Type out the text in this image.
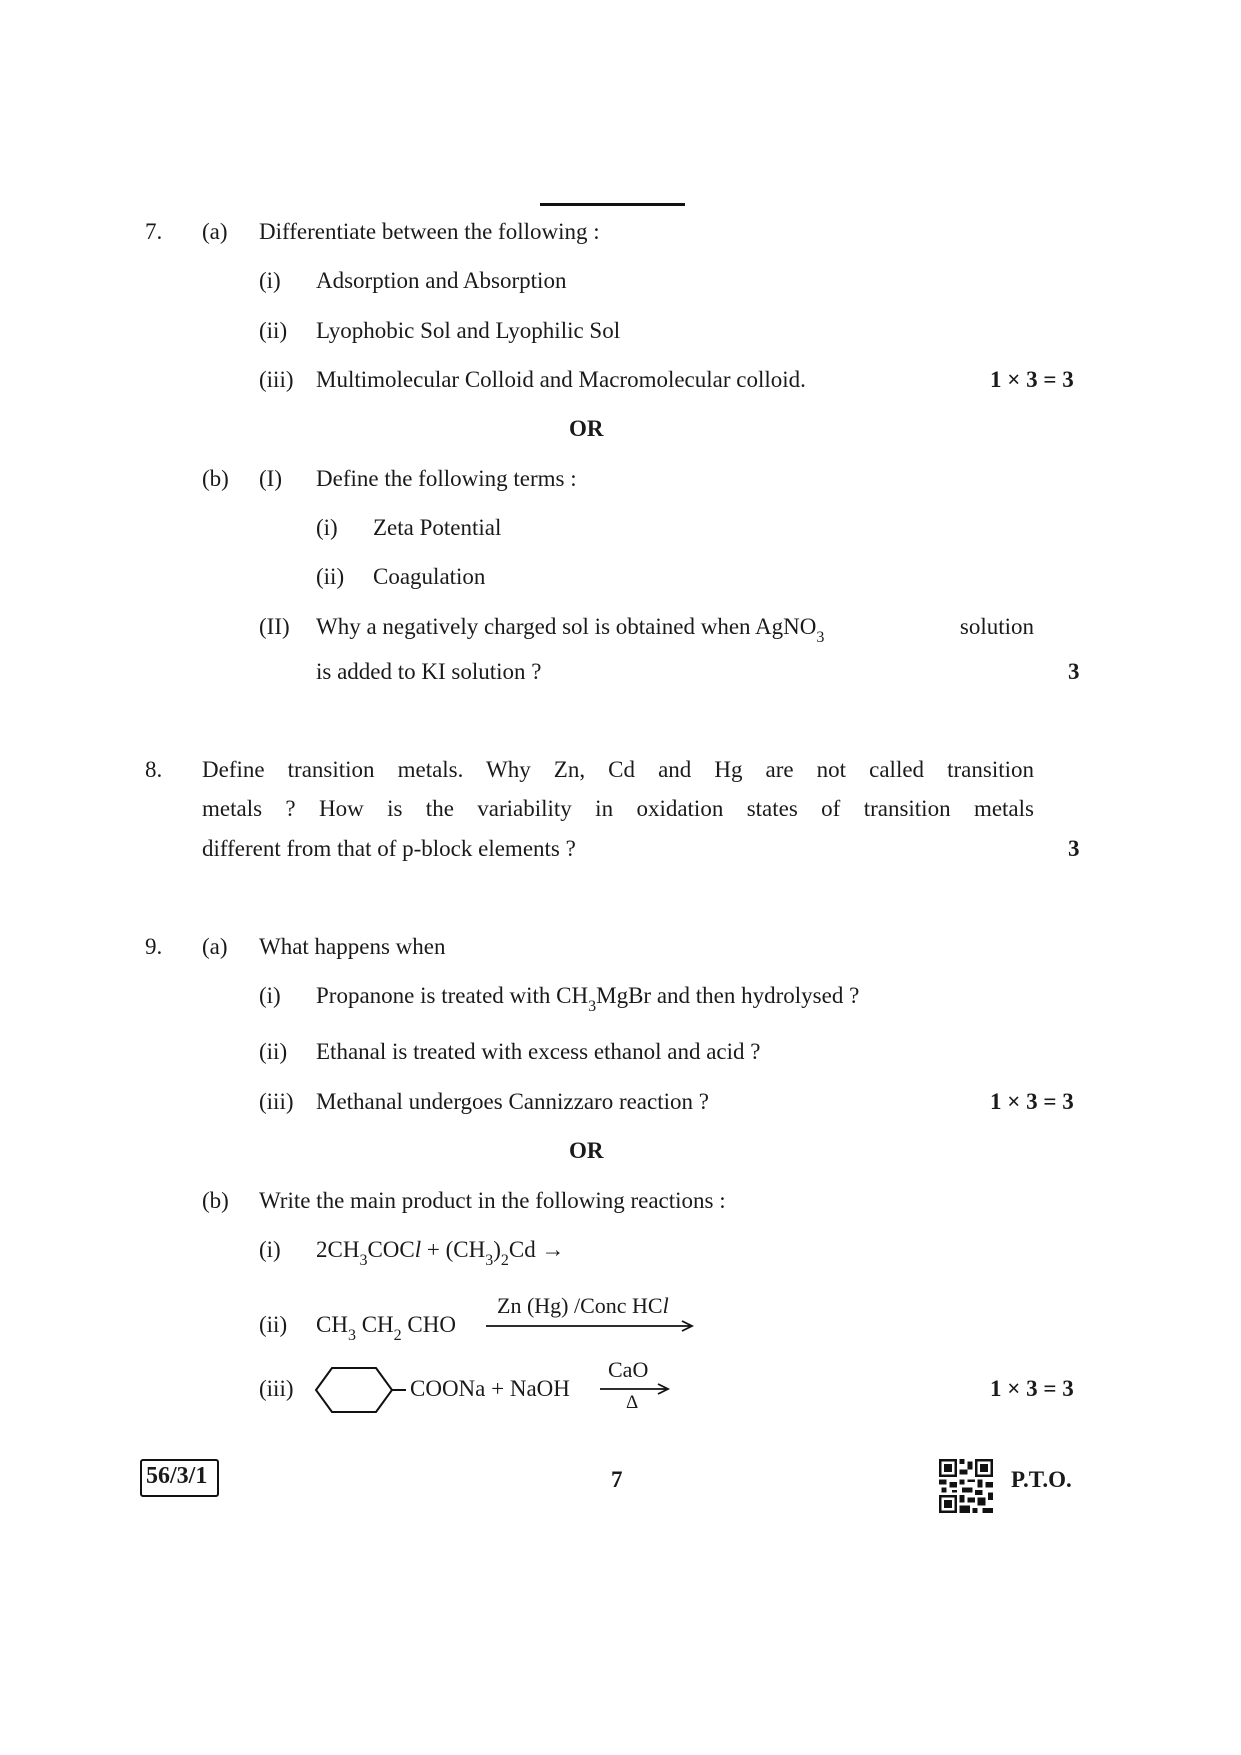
7. (a) Differentiate between the following :
(i) Adsorption and Absorption
(ii) Lyophobic Sol and Lyophilic Sol
(iii) Multimolecular Colloid and Macromolecular colloid.	1 × 3 = 3
OR
(b) (I) Define the following terms :
(i) Zeta Potential
(ii) Coagulation
(II) Why a negatively charged sol is obtained when AgNO$_3$	solution
is added to KI solution ?	3
8. Define transition metals. Why Zn, Cd and Hg are not called transition
metals ? How is the variability in oxidation states of transition metals
different from that of p-block elements ?	3
9. (a) What happens when
(i) Propanone is treated with $CH_3MgBr$ and then hydrolysed ?
(ii) Ethanal is treated with excess ethanol and acid ?
(iii) Methanal undergoes Cannizzaro reaction ?	1 × 3 = 3
OR
(b) Write the main product in the following reactions :
(i) $2CH_3COCl + (CH_3)_2Cd$ →
(ii) $CH_3$ $CH_2$ CHO
Zn (Hg) /Conc HCl
(iii)	COONa + NaOH
CaO
Δ
1 × 3 = 3
56/3/1	7	P.T.O.
